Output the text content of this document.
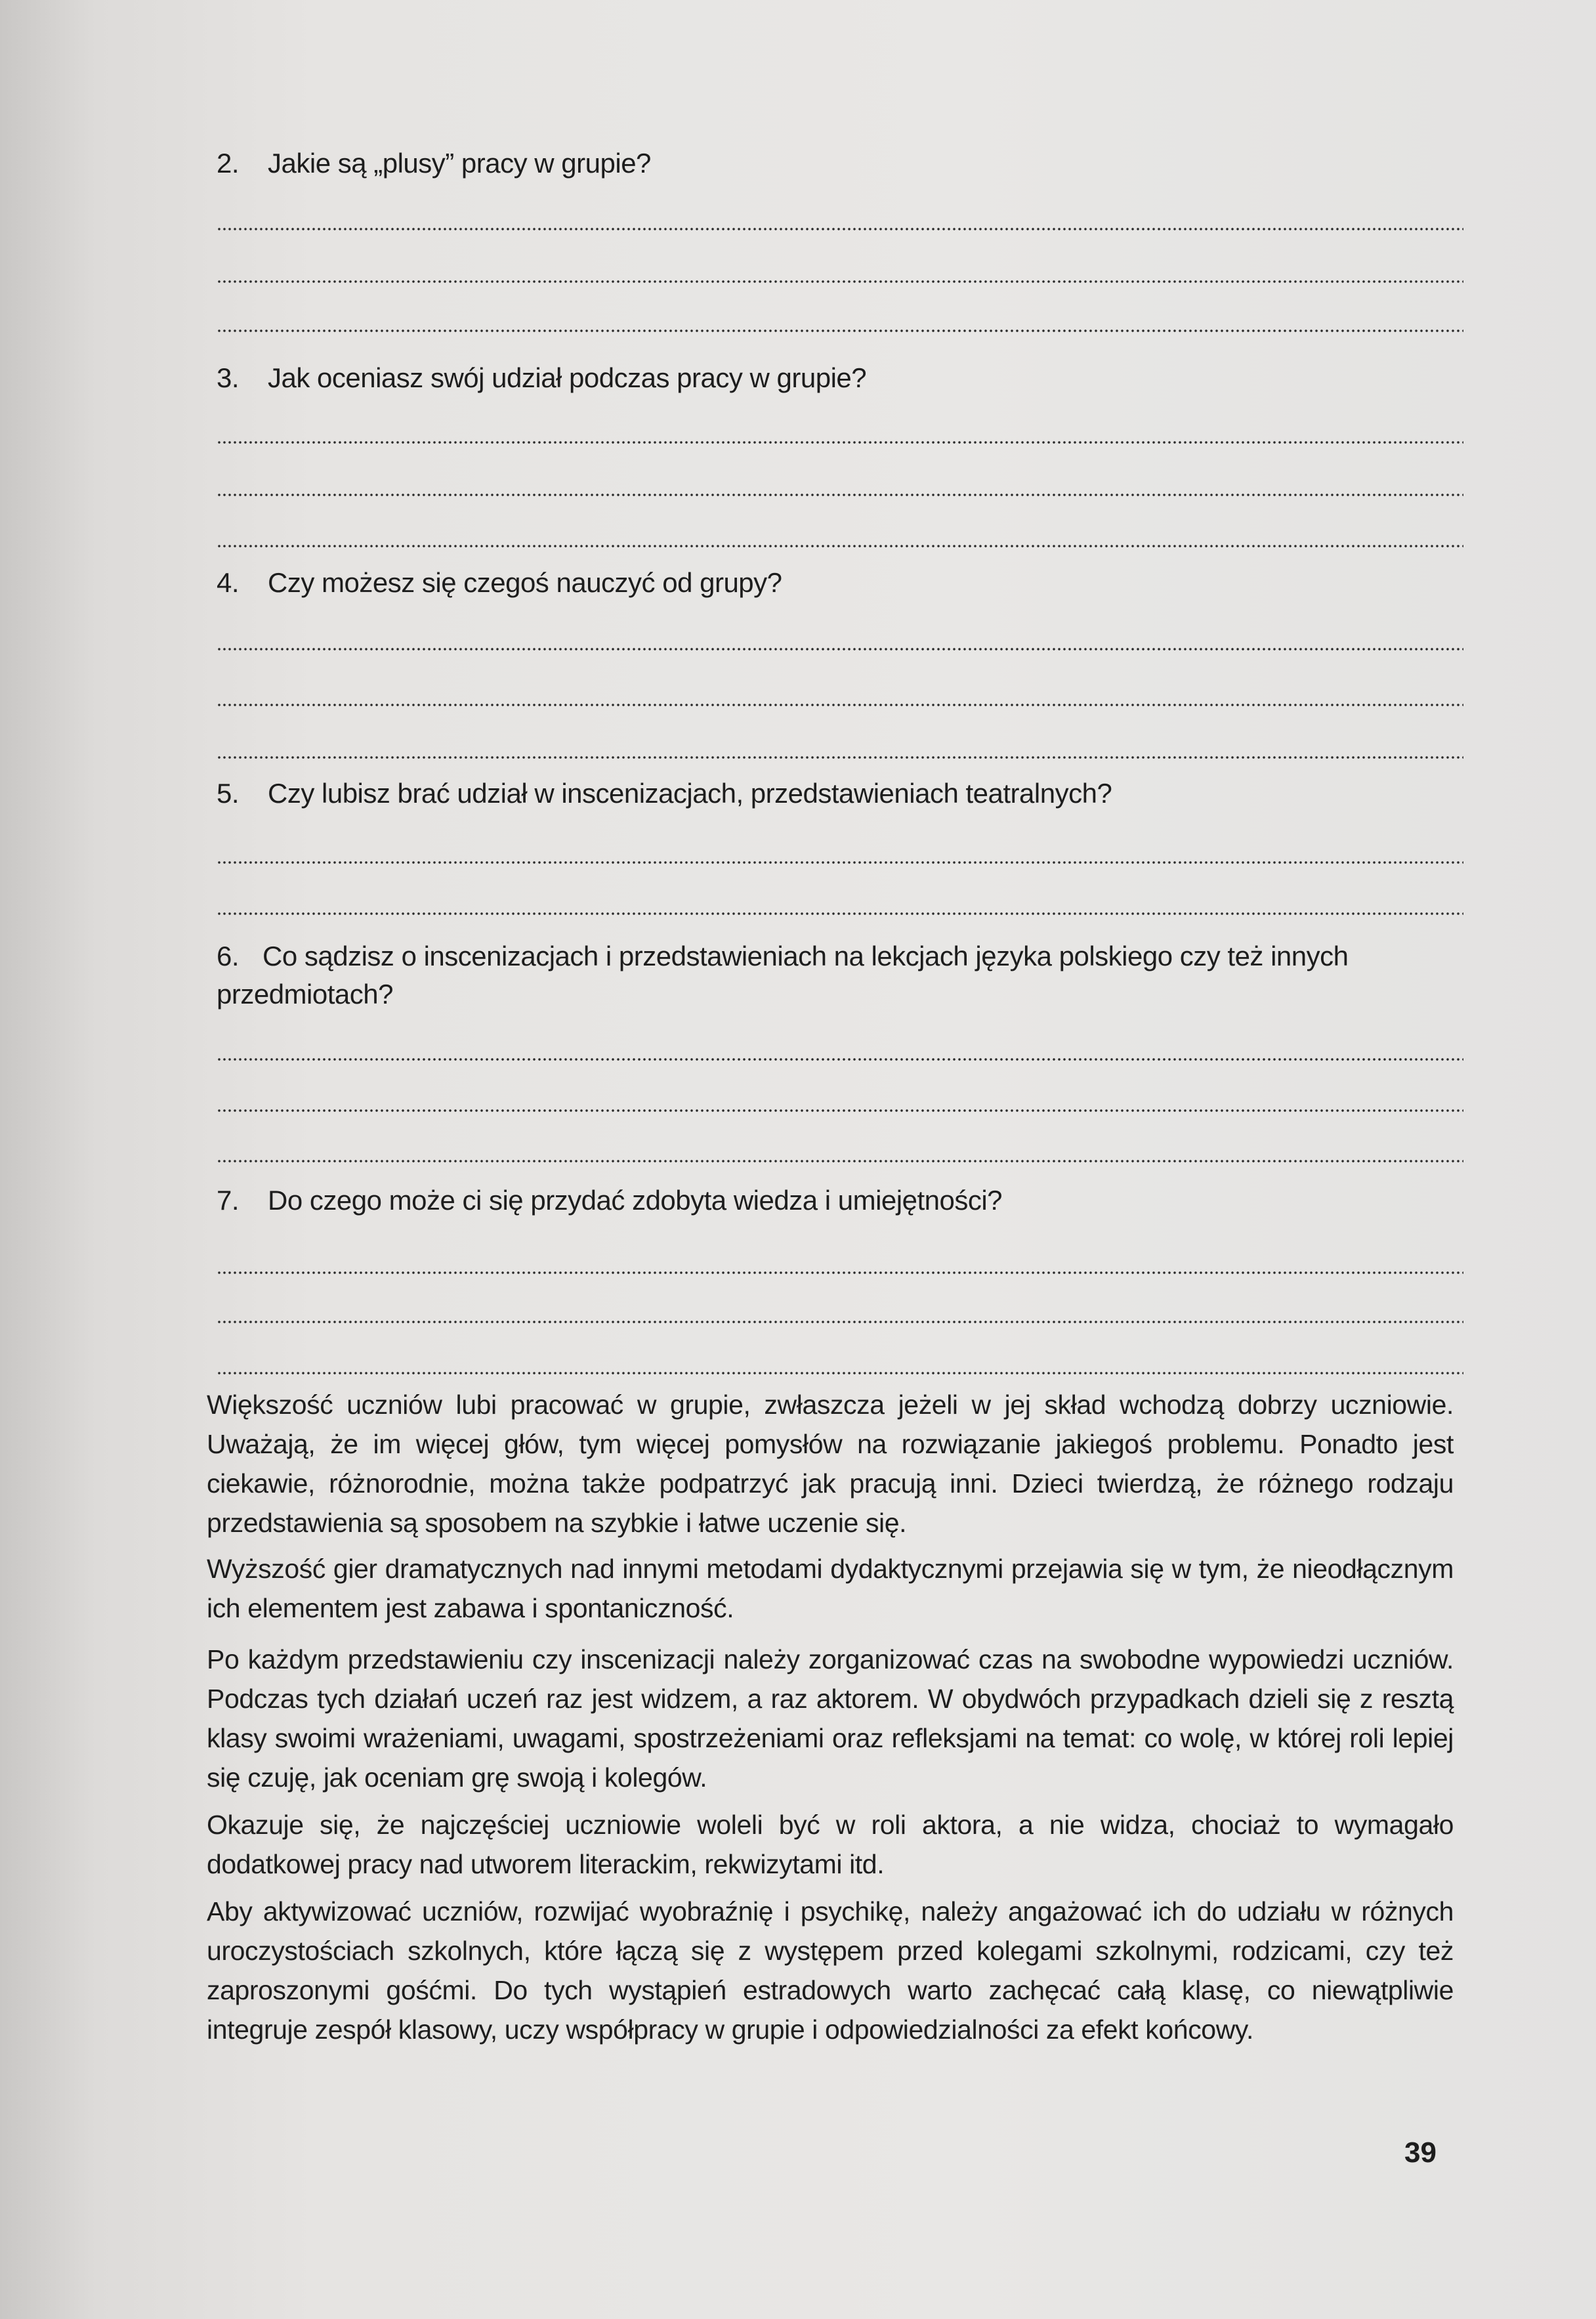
2. Jakie są „plusy” pracy w grupie?
3. Jak oceniasz swój udział podczas pracy w grupie?
4. Czy możesz się czegoś nauczyć od grupy?
5. Czy lubisz brać udział w inscenizacjach, przedstawieniach teatralnych?
6. Co sądzisz o inscenizacjach i przedstawieniach na lekcjach języka polskiego czy też innych przedmiotach?
7. Do czego może ci się przydać zdobyta wiedza i umiejętności?

Większość uczniów lubi pracować w grupie, zwłaszcza jeżeli w jej skład wchodzą dobrzy uczniowie. Uważają, że im więcej głów, tym więcej pomysłów na rozwiązanie jakiegoś problemu. Ponadto jest ciekawie, różnorodnie, można także podpatrzyć jak pracują inni. Dzieci twierdzą, że różnego rodzaju przedstawienia są sposobem na szybkie i łatwe uczenie się.

Wyższość gier dramatycznych nad innymi metodami dydaktycznymi przejawia się w tym, że nieodłącznym ich elementem jest zabawa i spontaniczność.

Po każdym przedstawieniu czy inscenizacji należy zorganizować czas na swobodne wypowiedzi uczniów. Podczas tych działań uczeń raz jest widzem, a raz aktorem. W obydwóch przypadkach dzieli się z resztą klasy swoimi wrażeniami, uwagami, spostrzeżeniami oraz refleksjami na temat: co wolę, w której roli lepiej się czuję, jak oceniam grę swoją i kolegów.

Okazuje się, że najczęściej uczniowie woleli być w roli aktora, a nie widza, chociaż to wymagało dodatkowej pracy nad utworem literackim, rekwizytami itd.

Aby aktywizować uczniów, rozwijać wyobraźnię i psychikę, należy angażować ich do udziału w różnych uroczystościach szkolnych, które łączą się z występem przed kolegami szkolnymi, rodzicami, czy też zaproszonymi gośćmi. Do tych wystąpień estradowych warto zachęcać całą klasę, co niewątpliwie integruje zespół klasowy, uczy współpracy w grupie i odpowiedzialności za efekt końcowy.

39
